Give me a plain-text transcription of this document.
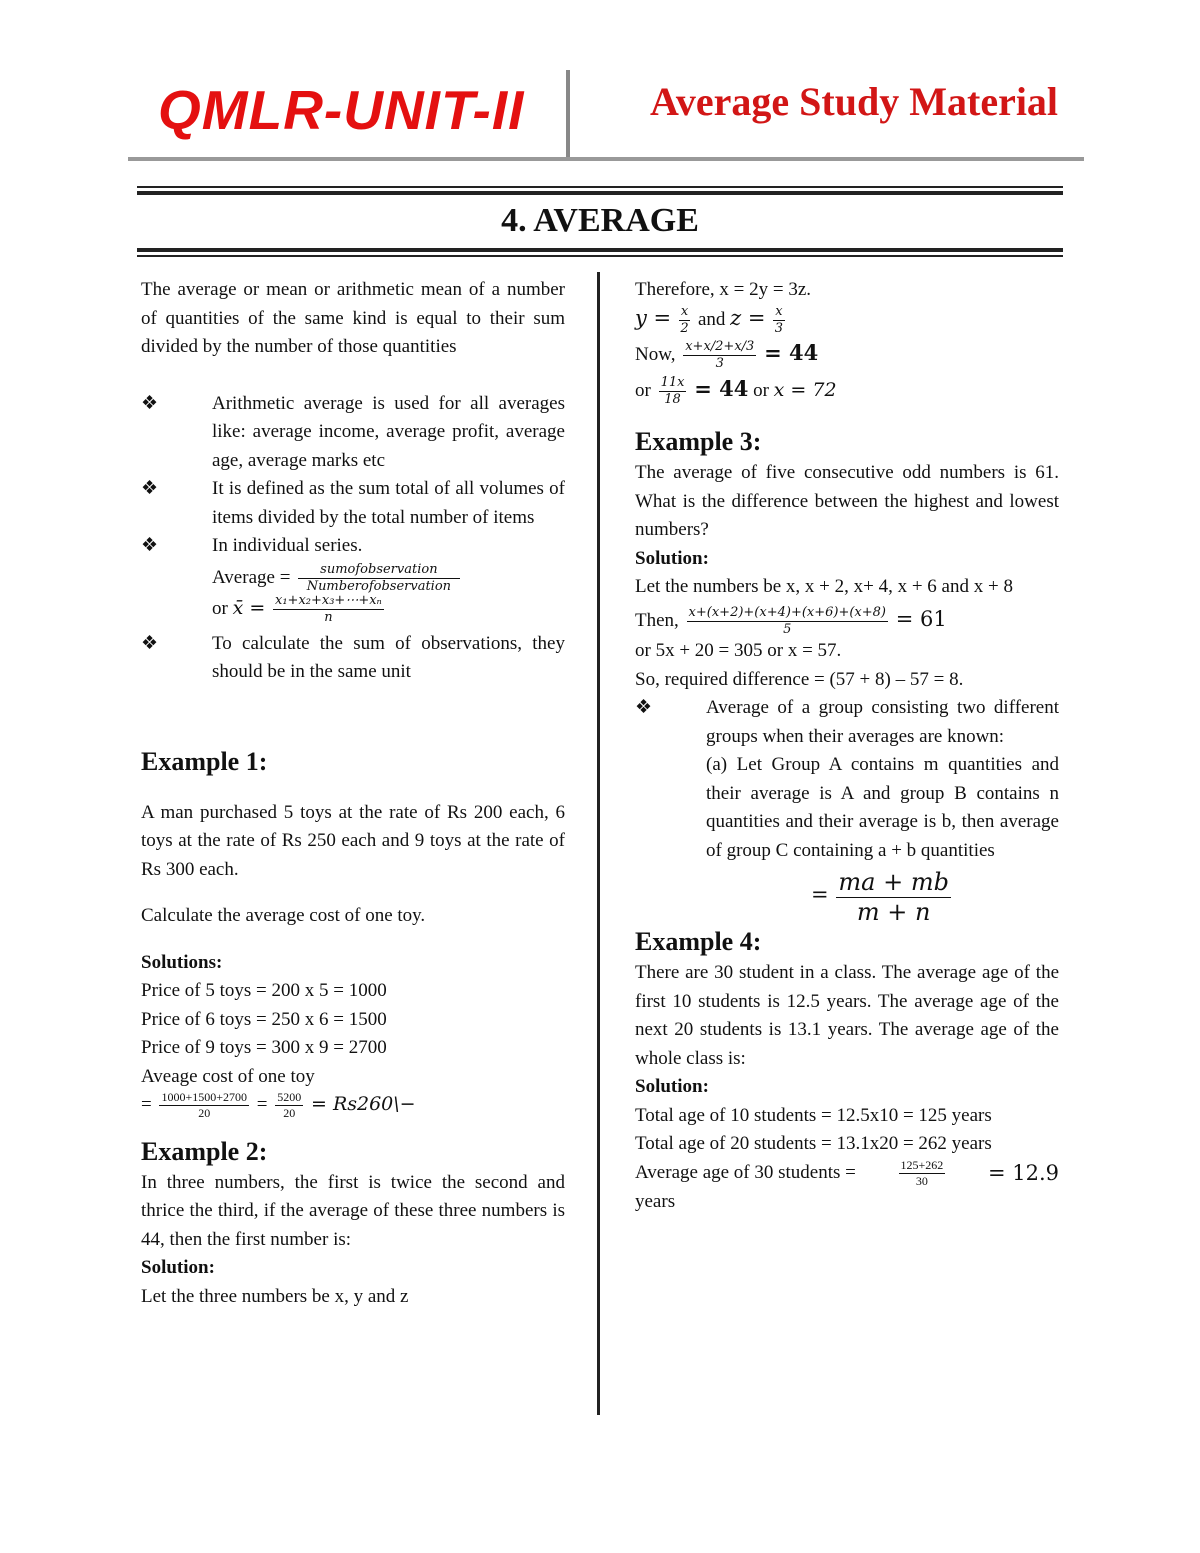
QMLR-UNIT-II	Average Study Material
4. AVERAGE

The average or mean or arithmetic mean of a number of quantities of the same kind is equal to their sum divided by the number of those quantities

❖	Arithmetic average is used for all averages like: average income, average profit, average age, average marks etc
❖	It is defined as the sum total of all volumes of items divided by the total number of items
❖	In individual series.
Average = $\frac{\text{sumofobservation}}{\text{Numberofobservation}}$
or x̄ = $\frac{\text{x₁+x₂+x₃+⋯+xₙ}}{n}$
❖	To calculate the sum of observations, they should be in the same unit

Example 1:

A man purchased 5 toys at the rate of Rs 200 each, 6 toys at the rate of Rs 250 each and 9 toys at the rate of Rs 300 each.

Calculate the average cost of one toy.

Solutions:

Price of 5 toys = 200 x 5 = 1000

Price of 6 toys = 250 x 6 = 1500

Price of 9 toys = 300 x 9 = 2700

Aveage cost of one toy

= $\frac{1000+1500+2700}{20} = \frac{5200}{20}$ = Rs260\−

Example 2:

In three numbers, the first is twice the second and thrice the third, if the average of these three numbers is 44, then the first number is:

Solution:

Let the three numbers be x, y and z

Therefore, x = 2y = 3z.

$y = \frac{x}{2}$ and $z = \frac{x}{3}$
Now, $\frac{x+x/2+x/3}{3} = 44$
or $\frac{11x}{18} = 44$ or x = 72

Example 3:

The average of five consecutive odd numbers is 61. What is the difference between the highest and lowest numbers?

Solution:

Let the numbers be x, x + 2, x+ 4, x + 6 and x + 8

Then, $\frac{x+(x+2)+(x+4)+(x+6)+(x+8)}{5} = 61$

or 5x + 20 = 305 or x = 57.

So, required difference = (57 + 8) – 57 = 8.

❖	Average of a group consisting two different groups when their averages are known:
(a) Let Group A contains m quantities and their average is A and group B contains n quantities and their average is b, then average of group C containing a + b quantities
= $\frac{ma + mb}{m + n}$

Example 4:

There are 30 student in a class. The average age of the first 10 students is 12.5 years. The average age of the next 20 students is 13.1 years. The average age of the whole class is:

Solution:

Total age of 10 students = 12.5x10 = 125 years

Total age of 20 students = 13.1x20 = 262 years

Average age of 30 students =	$\frac{125+262}{30} = 12.9$

years
